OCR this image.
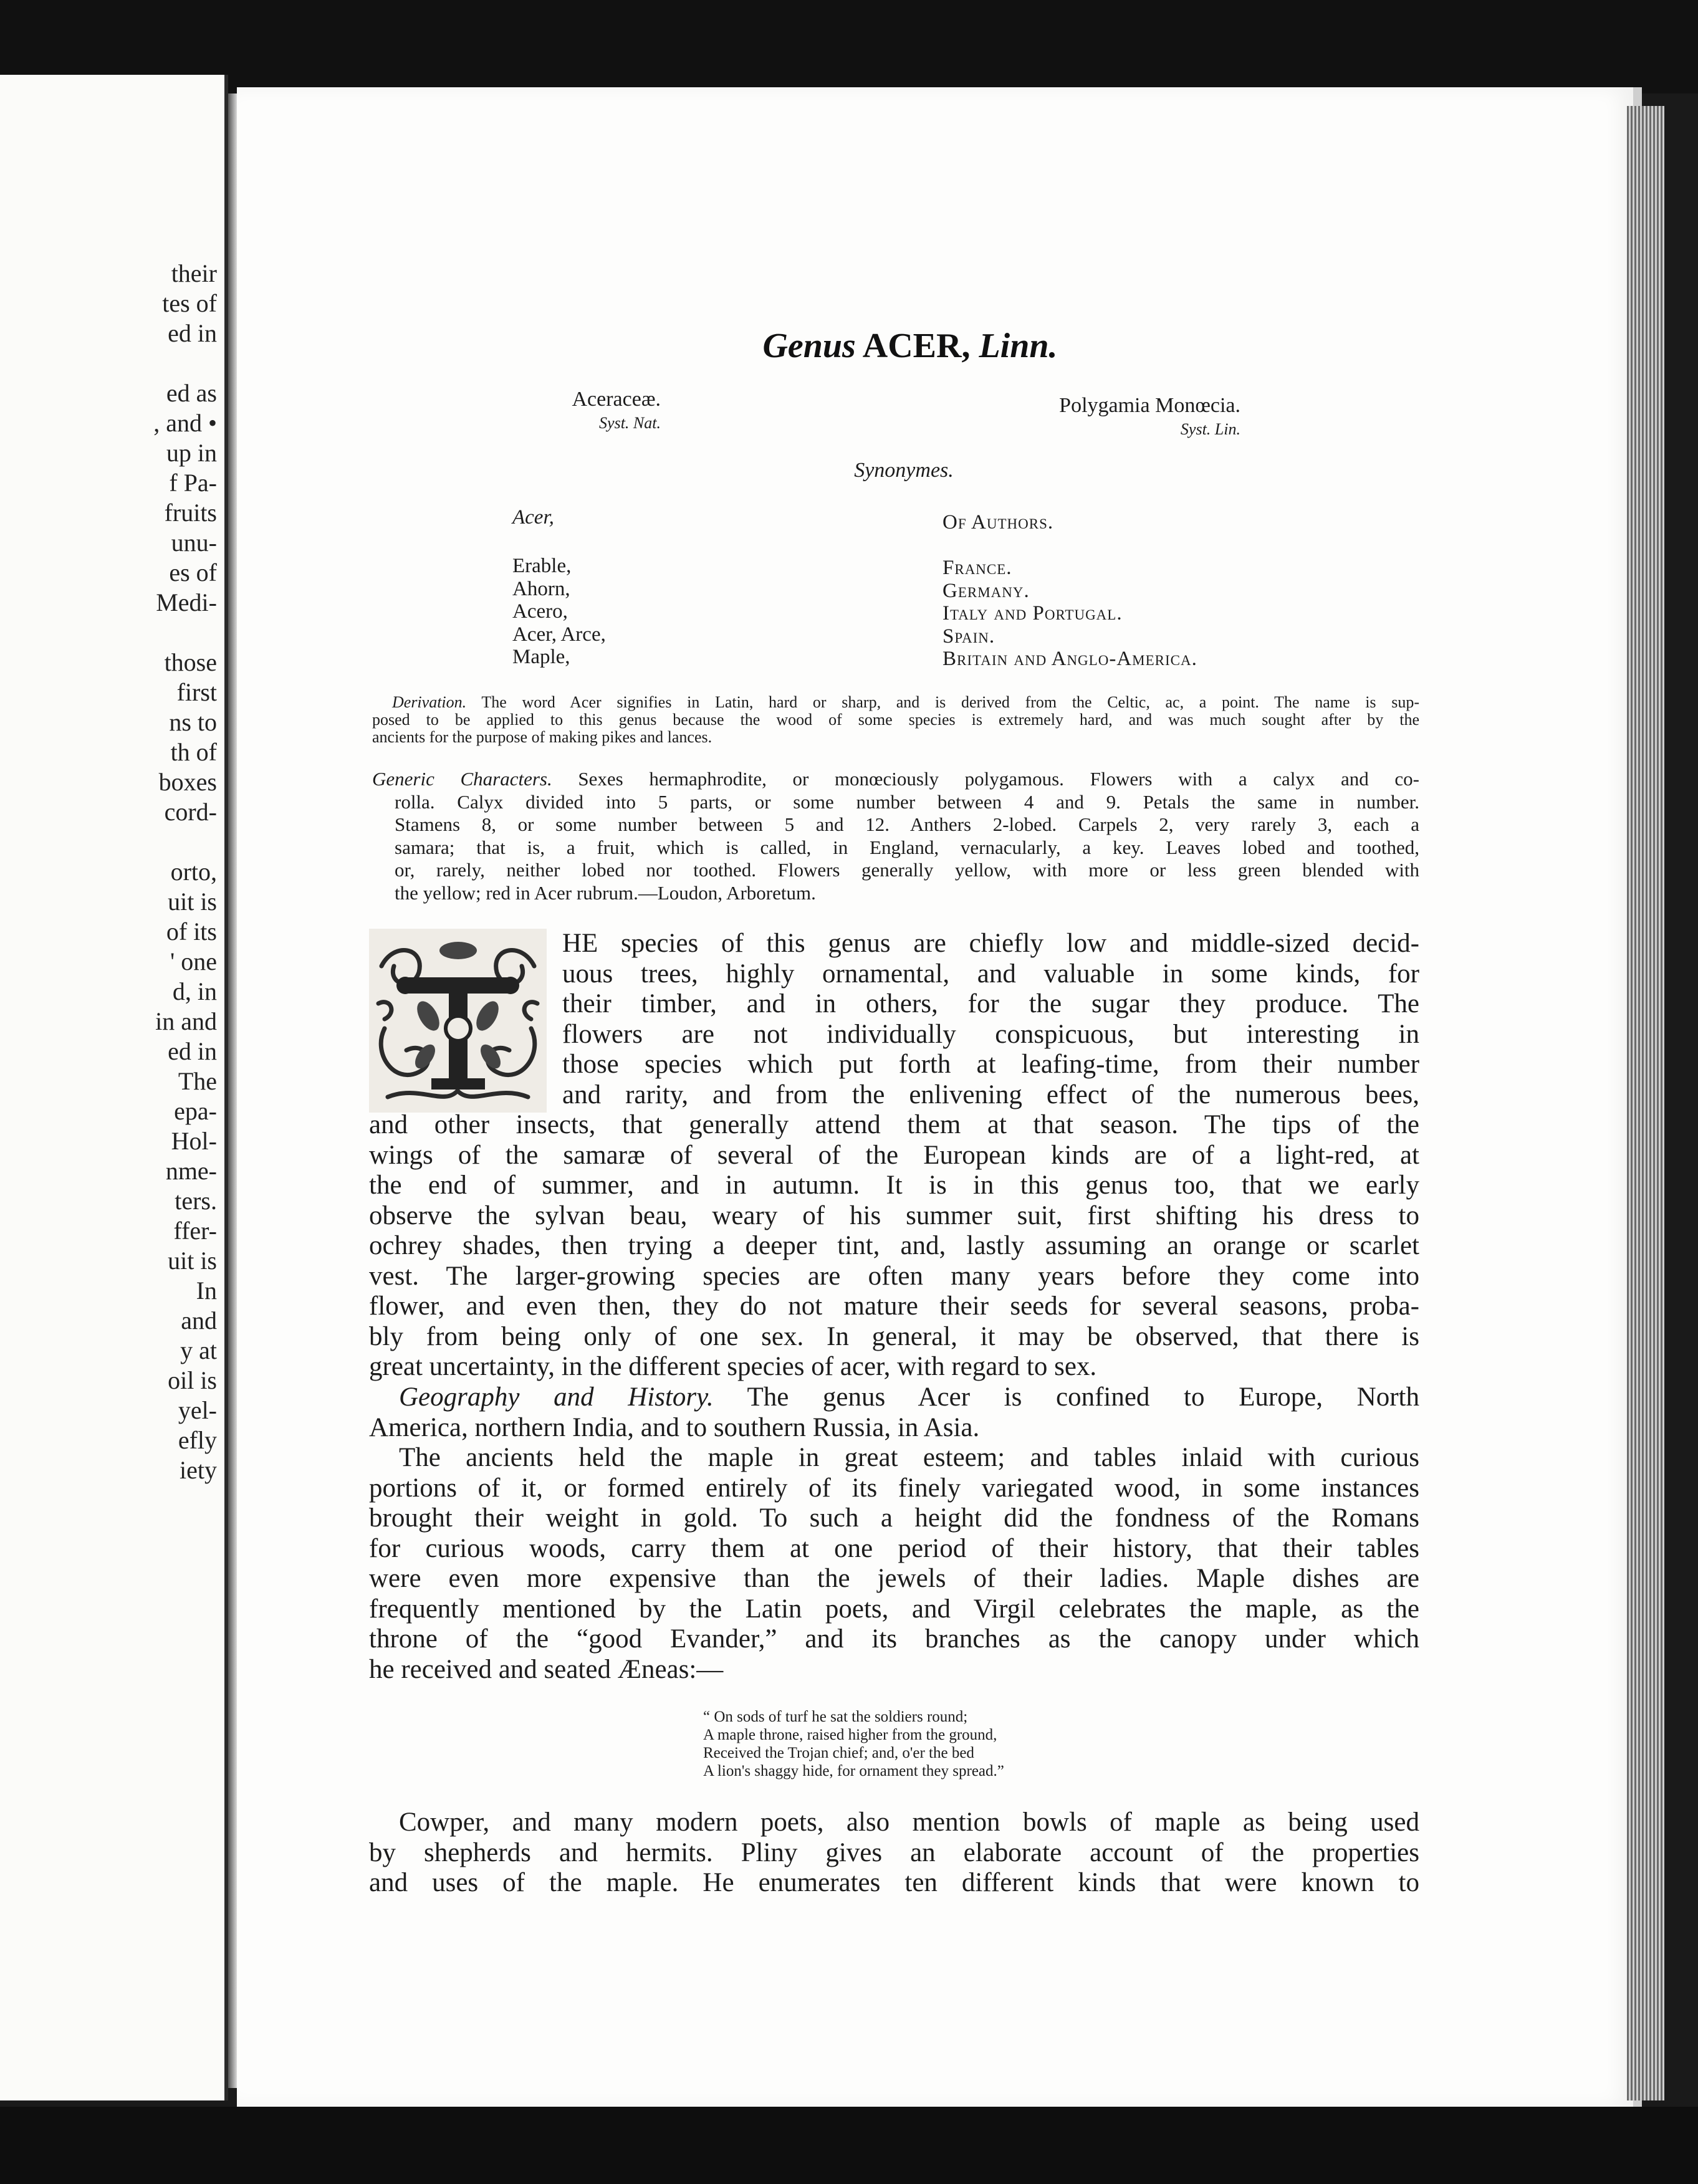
their
tes of
ed in
ed as
, and •
up in
f Pa-
fruits
unu-
es of
Medi-
those
first
ns to
th of
boxes
cord-
orto,
uit is
of its
' one
d, in
in and
ed in
The
epa-
Hol-
nme-
ters.
ffer-
uit is
In
and
y at
oil is
yel-
efly
iety
Genus ACER, Linn.
Aceraceæ.
Syst. Nat.
Polygamia Monœcia.
Syst. Lin.
Synonymes.
Acer,	Of Authors.
Erable,
Ahorn,
Acero,
Acer, Arce,
Maple,
France.
Germany.
Italy and Portugal.
Spain.
Britain and Anglo-America.
Derivation. The word Acer signifies in Latin, hard or sharp, and is derived from the Celtic, ac, a point. The name is sup-
posed to be applied to this genus because the wood of some species is extremely hard, and was much sought after by the
ancients for the purpose of making pikes and lances.
Generic Characters. Sexes hermaphrodite, or monœciously polygamous. Flowers with a calyx and co-
rolla. Calyx divided into 5 parts, or some number between 4 and 9. Petals the same in number.
Stamens 8, or some number between 5 and 12. Anthers 2-lobed. Carpels 2, very rarely 3, each a
samara; that is, a fruit, which is called, in England, vernacularly, a key. Leaves lobed and toothed,
or, rarely, neither lobed nor toothed. Flowers generally yellow, with more or less green blended with
the yellow; red in Acer rubrum.—Loudon, Arboretum.
HE species of this genus are chiefly low and middle-sized decid-
uous trees, highly ornamental, and valuable in some kinds, for
their timber, and in others, for the sugar they produce. The
flowers are not individually conspicuous, but interesting in
those species which put forth at leafing-time, from their number
and rarity, and from the enlivening effect of the numerous bees,
and other insects, that generally attend them at that season. The tips of the
wings of the samaræ of several of the European kinds are of a light-red, at
the end of summer, and in autumn. It is in this genus too, that we early
observe the sylvan beau, weary of his summer suit, first shifting his dress to
ochrey shades, then trying a deeper tint, and, lastly assuming an orange or scarlet
vest. The larger-growing species are often many years before they come into
flower, and even then, they do not mature their seeds for several seasons, proba-
bly from being only of one sex. In general, it may be observed, that there is
great uncertainty, in the different species of acer, with regard to sex.
Geography and History. The genus Acer is confined to Europe, North
America, northern India, and to southern Russia, in Asia.
The ancients held the maple in great esteem; and tables inlaid with curious
portions of it, or formed entirely of its finely variegated wood, in some instances
brought their weight in gold. To such a height did the fondness of the Romans
for curious woods, carry them at one period of their history, that their tables
were even more expensive than the jewels of their ladies. Maple dishes are
frequently mentioned by the Latin poets, and Virgil celebrates the maple, as the
throne of the “good Evander,” and its branches as the canopy under which
he received and seated Æneas:—
“ On sods of turf he sat the soldiers round;
A maple throne, raised higher from the ground,
Received the Trojan chief; and, o'er the bed
A lion's shaggy hide, for ornament they spread.”
Cowper, and many modern poets, also mention bowls of maple as being used
by shepherds and hermits. Pliny gives an elaborate account of the properties
and uses of the maple. He enumerates ten different kinds that were known to
